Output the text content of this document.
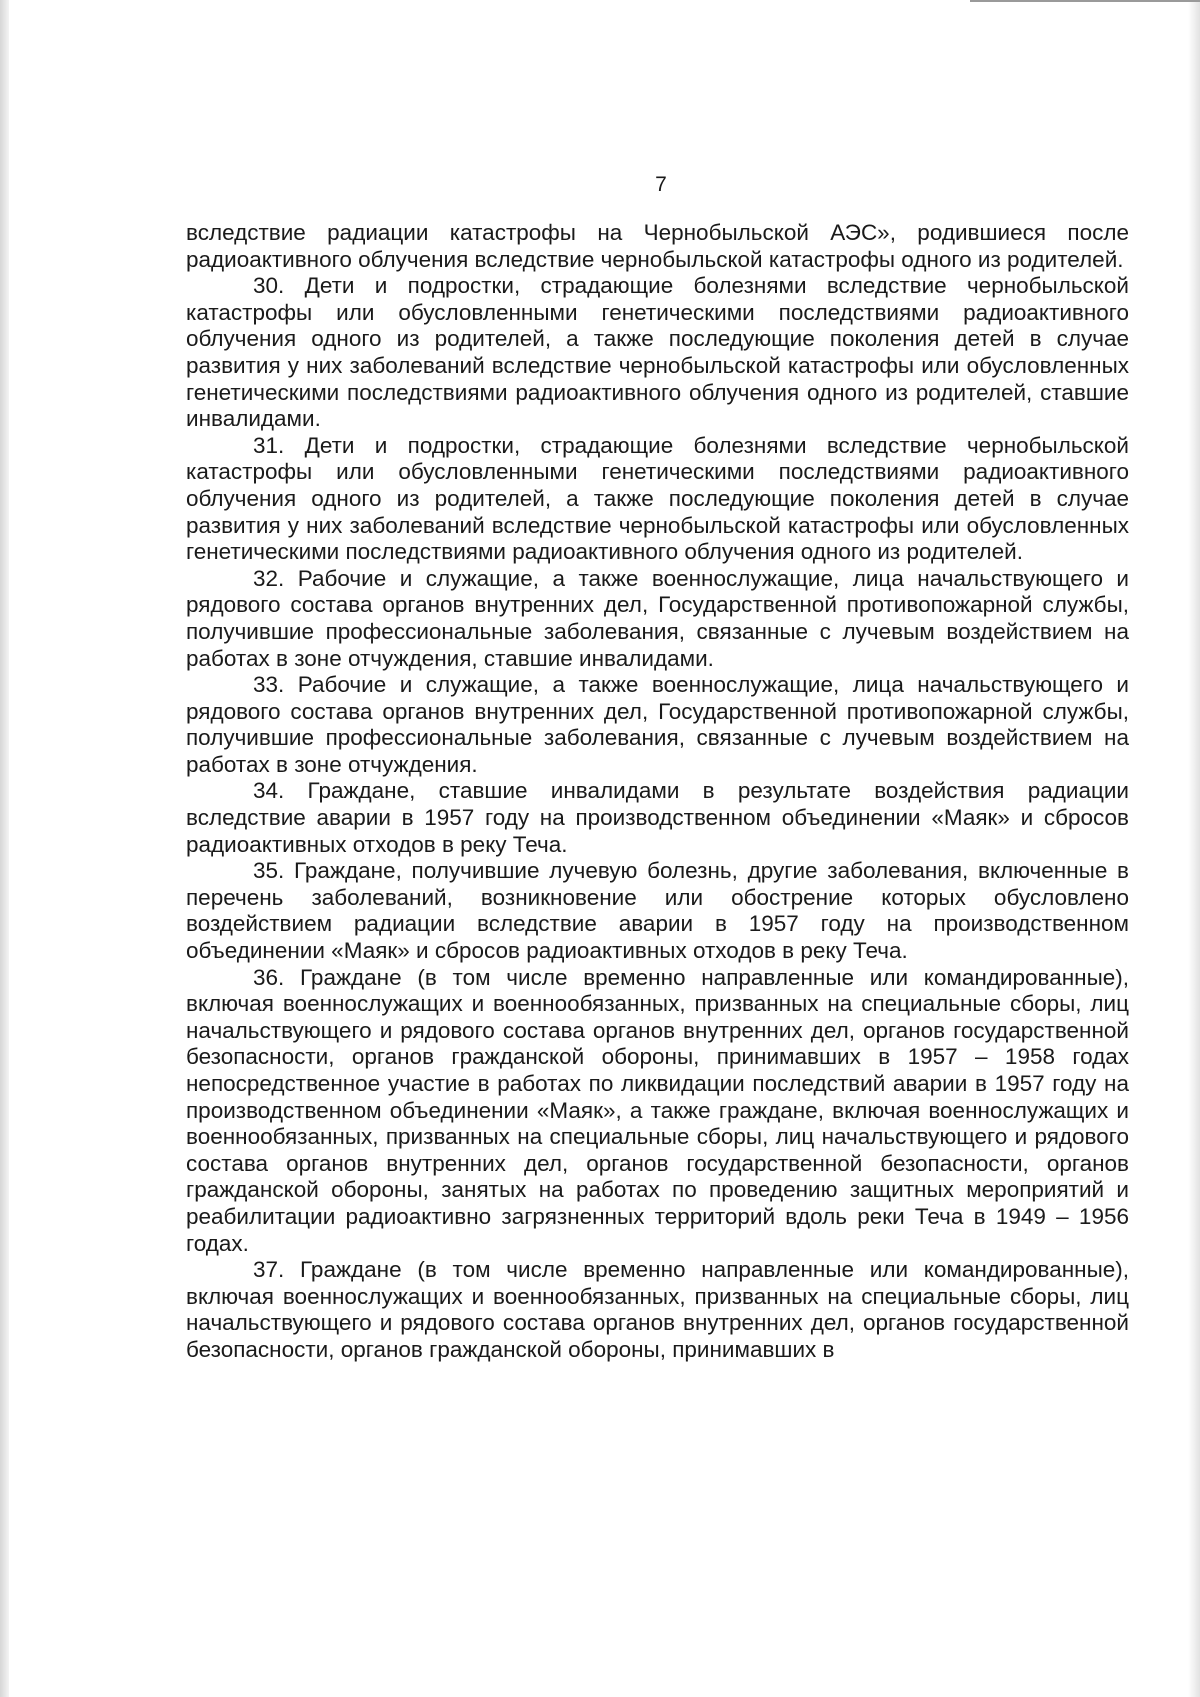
7

вследствие радиации катастрофы на Чернобыльской АЭС», родившиеся после радиоактивного облучения вследствие чернобыльской катастрофы одного из родителей.

30. Дети и подростки, страдающие болезнями вследствие чернобыльской катастрофы или обусловленными генетическими последствиями радиоактивного облучения одного из родителей, а также последующие поколения детей в случае развития у них заболеваний вследствие чернобыльской катастрофы или обусловленных генетическими последствиями радиоактивного облучения одного из родителей, ставшие инвалидами.

31. Дети и подростки, страдающие болезнями вследствие чернобыльской катастрофы или обусловленными генетическими последствиями радиоактивного облучения одного из родителей, а также последующие поколения детей в случае развития у них заболеваний вследствие чернобыльской катастрофы или обусловленных генетическими последствиями радиоактивного облучения одного из родителей.

32. Рабочие и служащие, а также военнослужащие, лица начальствующего и рядового состава органов внутренних дел, Государственной противопожарной службы, получившие профессиональные заболевания, связанные с лучевым воздействием на работах в зоне отчуждения, ставшие инвалидами.

33. Рабочие и служащие, а также военнослужащие, лица начальствующего и рядового состава органов внутренних дел, Государственной противопожарной службы, получившие профессиональные заболевания, связанные с лучевым воздействием на работах в зоне отчуждения.

34. Граждане, ставшие инвалидами в результате воздействия радиации вследствие аварии в 1957 году на производственном объединении «Маяк» и сбросов радиоактивных отходов в реку Теча.

35. Граждане, получившие лучевую болезнь, другие заболевания, включенные в перечень заболеваний, возникновение или обострение которых обусловлено воздействием радиации вследствие аварии в 1957 году на производственном объединении «Маяк» и сбросов радиоактивных отходов в реку Теча.

36. Граждане (в том числе временно направленные или командированные), включая военнослужащих и военнообязанных, призванных на специальные сборы, лиц начальствующего и рядового состава органов внутренних дел, органов государственной безопасности, органов гражданской обороны, принимавших в 1957 – 1958 годах непосредственное участие в работах по ликвидации последствий аварии в 1957 году на производственном объединении «Маяк», а также граждане, включая военнослужащих и военнообязанных, призванных на специальные сборы, лиц начальствующего и рядового состава органов внутренних дел, органов государственной безопасности, органов гражданской обороны, занятых на работах по проведению защитных мероприятий и реабилитации радиоактивно загрязненных территорий вдоль реки Теча в 1949 – 1956 годах.

37. Граждане (в том числе временно направленные или командированные), включая военнослужащих и военнообязанных, призванных на специальные сборы, лиц начальствующего и рядового состава органов внутренних дел, органов государственной безопасности, органов гражданской обороны, принимавших в
